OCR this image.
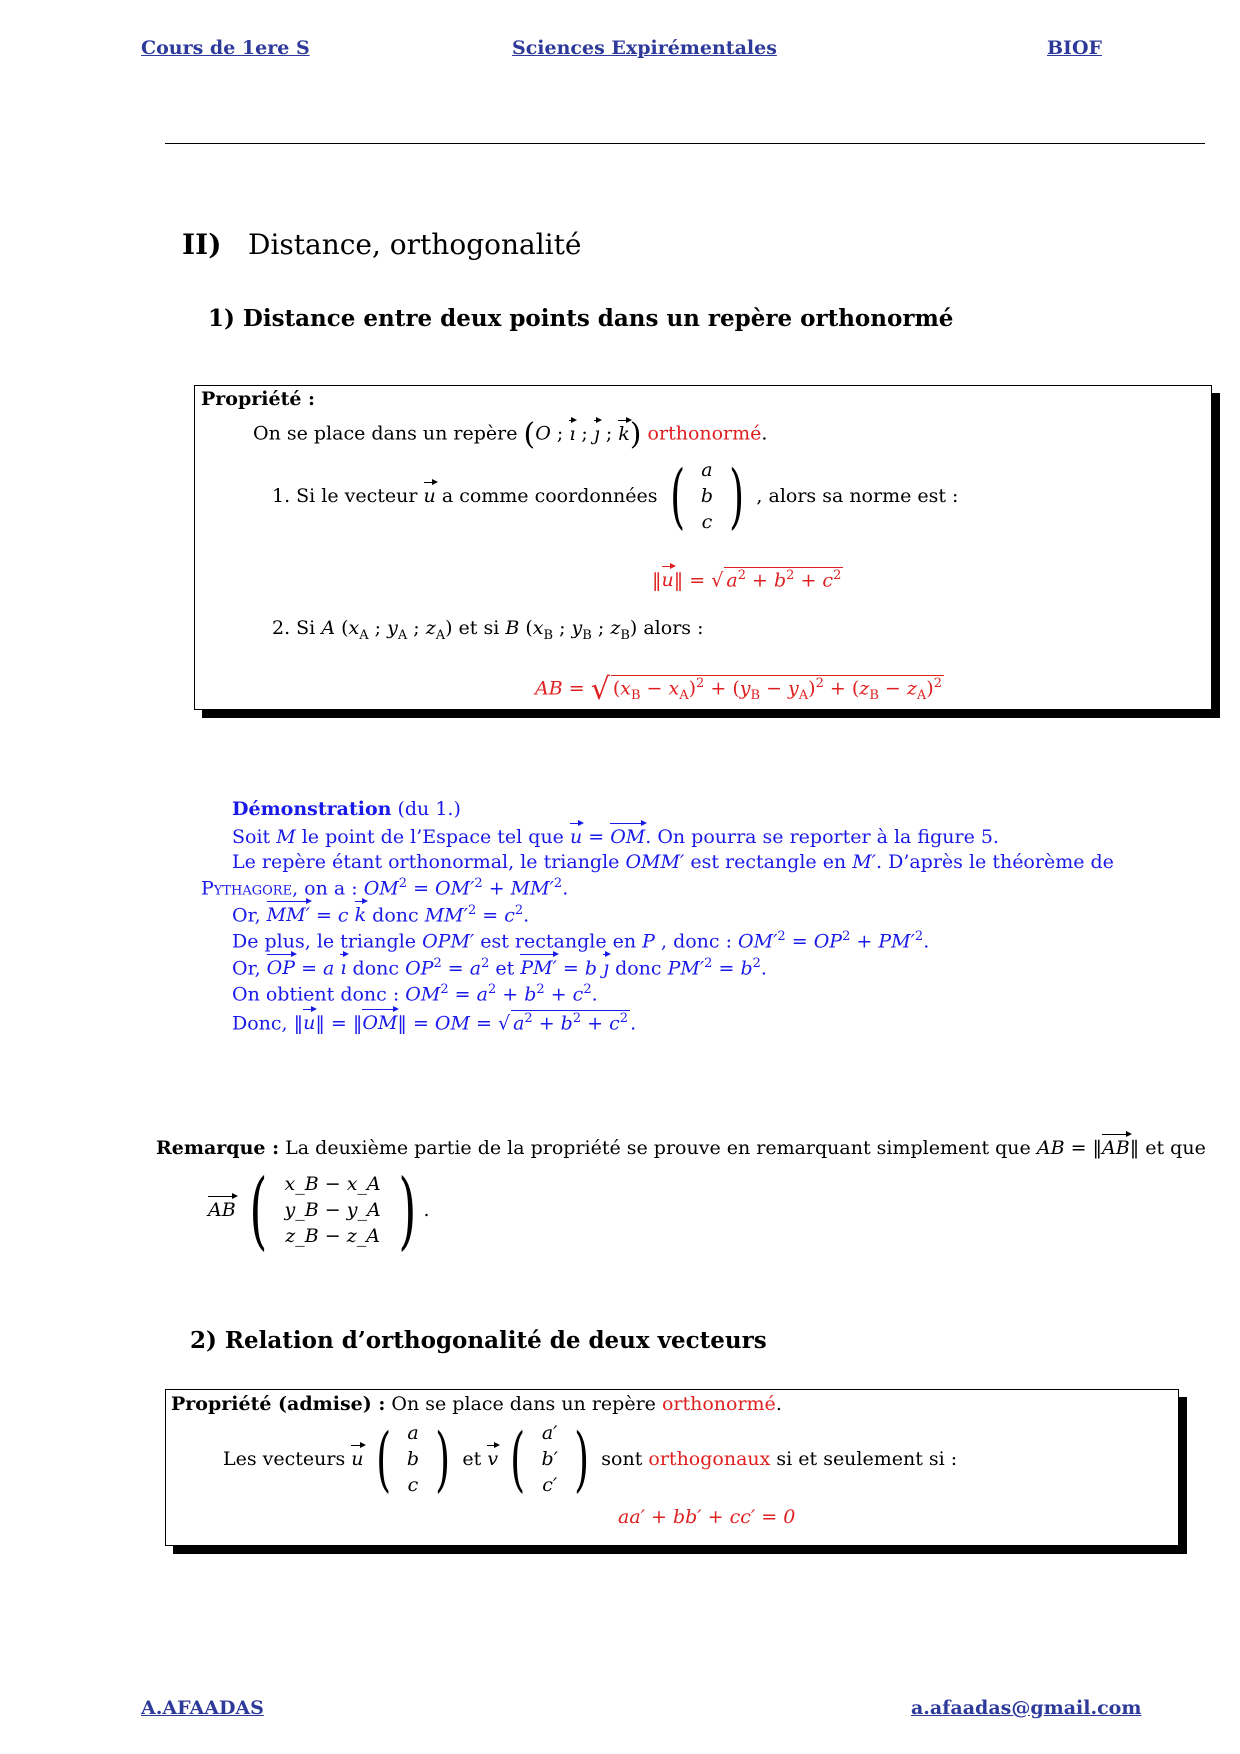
Cours de 1ere S	Sciences Expirémentales	BIOF
II) Distance, orthogonalité
1) Distance entre deux points dans un repère orthonormé
Propriété :
On se place dans un repère (O ; ı ; ȷ ; k) orthonormé.
1. Si le vecteur u a comme coordonnées ( a
b
c ) , alors sa norme est :
‖u‖ = √ $a^2 + b^2 + c^2$
2. Si A ($x_A$ ; $y_A$ ; $z_A$) et si B ($x_B$ ; $y_B$ ; $z_B$) alors :
AB = √ $(x_B - x_A)^2 + (y_B - y_A)^2 + (z_B - z_A)^2$
Démonstration (du 1.)
Soit M le point de l’Espace tel que u = OM. On pourra se reporter à la figure 5.
Le repère étant orthonormal, le triangle OMM′ est rectangle en M′. D’après le théorème de
Pythagore, on a : $OM^2 = OM'^2 + MM'^2$.
Or, MM′ = c k donc $MM'^2 = c^2$.
De plus, le triangle OPM′ est rectangle en P , donc : $OM'^2 = OP^2 + PM'^2$.
Or, OP = a ı donc $OP^2 = a^2$ et PM′ = b ȷ donc $PM'^2 = b^2$.
On obtient donc : $OM^2 = a^2 + b^2 + c^2$.
Donc, ‖u‖ = ‖OM‖ = OM = √ $a^2 + b^2 + c^2$ .
Remarque : La deuxième partie de la propriété se prouve en remarquant simplement que AB = ‖AB‖ et que
AB ( x_B − x_A
y_B − y_A
z_B − z_A ) .
2) Relation d’orthogonalité de deux vecteurs
Propriété (admise) : On se place dans un repère orthonormé.
Les vecteurs u ( a
b
c ) et v ( a′
b′
c′ ) sont orthogonaux si et seulement si :
aa′ + bb′ + cc′ = 0
A.AFAADAS	a.afaadas@gmail.com
